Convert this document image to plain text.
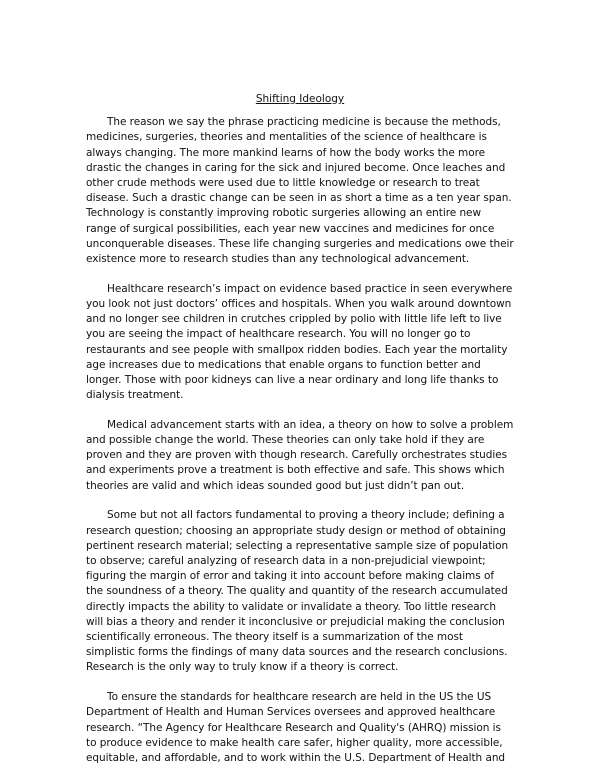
Shifting Ideology

The reason we say the phrase practicing medicine is because the methods, medicines, surgeries, theories and mentalities of the science of healthcare is always changing. The more mankind learns of how the body works the more drastic the changes in caring for the sick and injured become. Once leaches and other crude methods were used due to little knowledge or research to treat disease. Such a drastic change can be seen in as short a time as a ten year span. Technology is constantly improving robotic surgeries allowing an entire new range of surgical possibilities, each year new vaccines and medicines for once unconquerable diseases. These life changing surgeries and medications owe their existence more to research studies than any technological advancement.

Healthcare research’s impact on evidence based practice in seen everywhere you look not just doctors’ offices and hospitals. When you walk around downtown and no longer see children in crutches crippled by polio with little life left to live you are seeing the impact of healthcare research. You will no longer go to restaurants and see people with smallpox ridden bodies. Each year the mortality age increases due to medications that enable organs to function better and longer. Those with poor kidneys can live a near ordinary and long life thanks to dialysis treatment.

Medical advancement starts with an idea, a theory on how to solve a problem and possible change the world. These theories can only take hold if they are proven and they are proven with though research. Carefully orchestrates studies and experiments prove a treatment is both effective and safe. This shows which theories are valid and which ideas sounded good but just didn’t pan out.

Some but not all factors fundamental to proving a theory include; defining a research question; choosing an appropriate study design or method of obtaining pertinent research material; selecting a representative sample size of population to observe; careful analyzing of research data in a non-prejudicial viewpoint; figuring the margin of error and taking it into account before making claims of the soundness of a theory. The quality and quantity of the research accumulated directly impacts the ability to validate or invalidate a theory. Too little research will bias a theory and render it inconclusive or prejudicial making the conclusion scientifically erroneous. The theory itself is a summarization of the most simplistic forms the findings of many data sources and the research conclusions. Research is the only way to truly know if a theory is correct.

To ensure the standards for healthcare research are held in the US the US Department of Health and Human Services oversees and approved healthcare research. “The Agency for Healthcare Research and Quality's (AHRQ) mission is to produce evidence to make health care safer, higher quality, more accessible, equitable, and affordable, and to work within the U.S. Department of Health and
